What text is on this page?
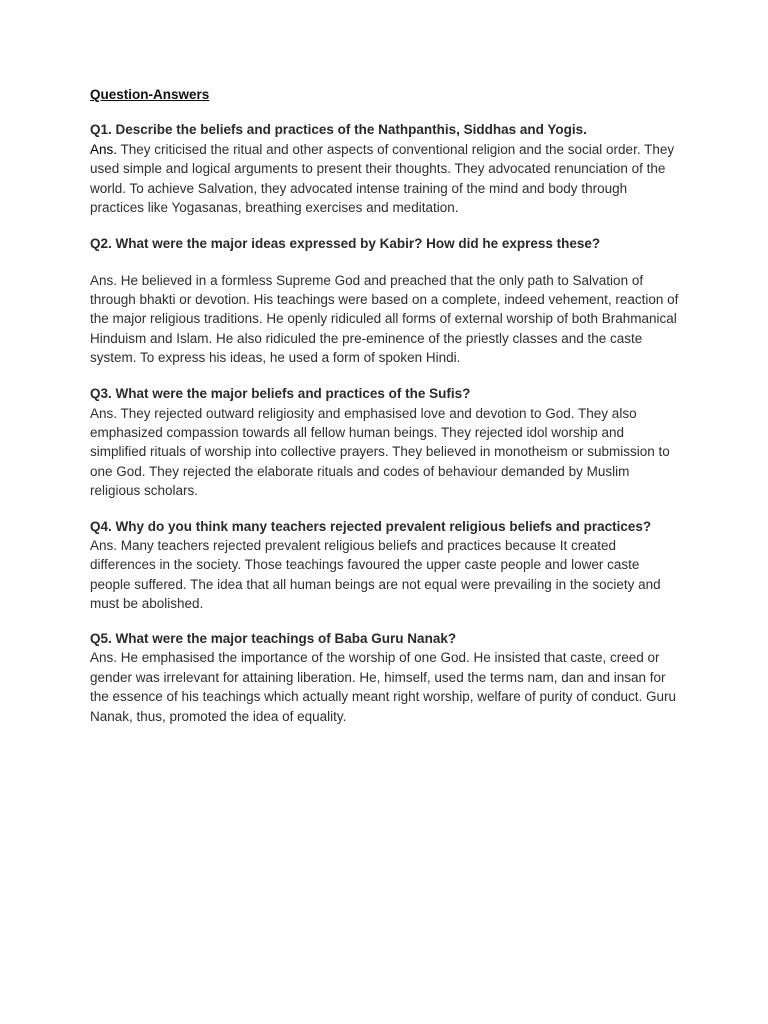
Question-Answers

Q1. Describe the beliefs and practices of the Nathpanthis, Siddhas and Yogis.

Ans. They criticised the ritual and other aspects of conventional religion and the social order. They used simple and logical arguments to present their thoughts. They advocated renunciation of the world. To achieve Salvation, they advocated intense training of the mind and body through practices like Yogasanas, breathing exercises and meditation.

Q2. What were the major ideas expressed by Kabir? How did he express these?

Ans. He believed in a formless Supreme God and preached that the only path to Salvation of through bhakti or devotion. His teachings were based on a complete, indeed vehement, reaction of the major religious traditions. He openly ridiculed all forms of external worship of both Brahmanical Hinduism and Islam. He also ridiculed the pre-eminence of the priestly classes and the caste system. To express his ideas, he used a form of spoken Hindi.

Q3. What were the major beliefs and practices of the Sufis?

Ans. They rejected outward religiosity and emphasised love and devotion to God. They also emphasized compassion towards all fellow human beings. They rejected idol worship and simplified rituals of worship into collective prayers. They believed in monotheism or submission to one God. They rejected the elaborate rituals and codes of behaviour demanded by Muslim religious scholars.

Q4. Why do you think many teachers rejected prevalent religious beliefs and practices?

Ans. Many teachers rejected prevalent religious beliefs and practices because It created differences in the society. Those teachings favoured the upper caste people and lower caste people suffered. The idea that all human beings are not equal were prevailing in the society and must be abolished.

Q5. What were the major teachings of Baba Guru Nanak?

Ans. He emphasised the importance of the worship of one God. He insisted that caste, creed or gender was irrelevant for attaining liberation. He, himself, used the terms nam, dan and insan for the essence of his teachings which actually meant right worship, welfare of purity of conduct. Guru Nanak, thus, promoted the idea of equality.
